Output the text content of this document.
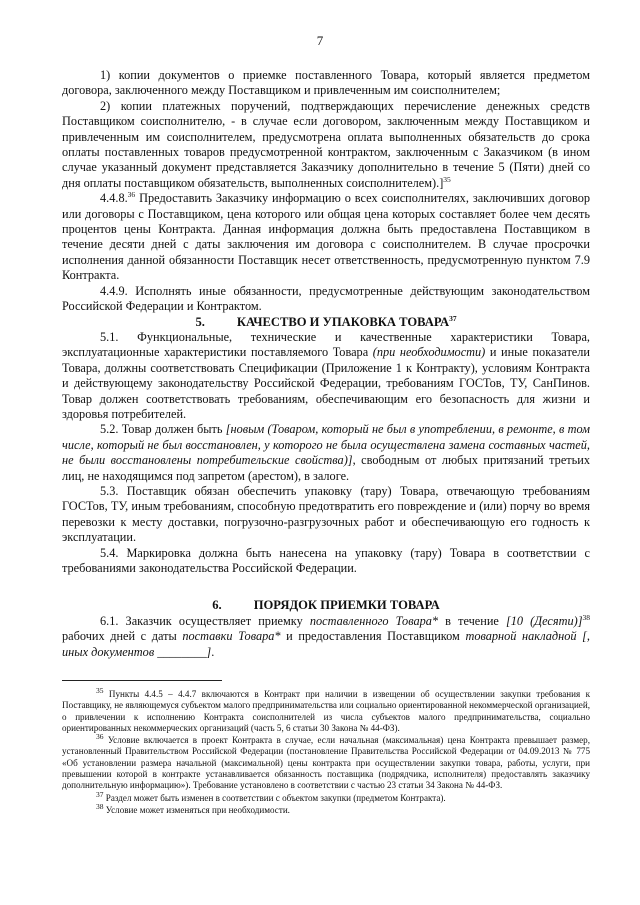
7

1) копии документов о приемке поставленного Товара, который является предметом договора, заключенного между Поставщиком и привлеченным им соисполнителем;

2) копии платежных поручений, подтверждающих перечисление денежных средств Поставщиком соисполнителю, - в случае если договором, заключенным между Поставщиком и привлеченным им соисполнителем, предусмотрена оплата выполненных обязательств до срока оплаты поставленных товаров предусмотренной контрактом, заключенным с Заказчиком (в ином случае указанный документ представляется Заказчику дополнительно в течение 5 (Пяти) дней со дня оплаты поставщиком обязательств, выполненных соисполнителем).]$^{35}$

4.4.8.36 Предоставить Заказчику информацию о всех соисполнителях, заключивших договор или договоры с Поставщиком, цена которого или общая цена которых составляет более чем десять процентов цены Контракта. Данная информация должна быть предоставлена Поставщиком в течение десяти дней с даты заключения им договора с соисполнителем. В случае просрочки исполнения данной обязанности Поставщик несет ответственность, предусмотренную пунктом 7.9 Контракта.

4.4.9. Исполнять иные обязанности, предусмотренные действующим законодательством Российской Федерации и Контрактом.

5.	КАЧЕСТВО И УПАКОВКА ТОВАРА$^{37}$

5.1. Функциональные, технические и качественные характеристики Товара, эксплуатационные характеристики поставляемого Товара (при необходимости) и иные показатели Товара, должны соответствовать Спецификации (Приложение 1 к Контракту), условиям Контракта и действующему законодательству Российской Федерации, требованиям ГОСТов, ТУ, СанПинов. Товар должен соответствовать требованиям, обеспечивающим его безопасность для жизни и здоровья потребителей.

5.2. Товар должен быть [новым (Товаром, который не был в употреблении, в ремонте, в том числе, который не был восстановлен, у которого не была осуществлена замена составных частей, не были восстановлены потребительские свойства)], свободным от любых притязаний третьих лиц, не находящимся под запретом (арестом), в залоге.

5.3. Поставщик обязан обеспечить упаковку (тару) Товара, отвечающую требованиям ГОСТов, ТУ, иным требованиям, способную предотвратить его повреждение и (или) порчу во время перевозки к месту доставки, погрузочно-разгрузочных работ и обеспечивающую его годность к эксплуатации.

5.4. Маркировка должна быть нанесена на упаковку (тару) Товара в соответствии с требованиями законодательства Российской Федерации.

6.	ПОРЯДОК ПРИЕМКИ ТОВАРА

6.1. Заказчик осуществляет приемку поставленного Товара* в течение [10 (Десяти)]$^{38}$ рабочих дней с даты поставки Товара* и предоставления Поставщиком товарной накладной [, иных документов ________].

$^{35}$ Пункты 4.4.5 – 4.4.7 включаются в Контракт при наличии в извещении об осуществлении закупки требования к Поставщику, не являющемуся субъектом малого предпринимательства или социально ориентированной некоммерческой организацией, о привлечении к исполнению Контракта соисполнителей из числа субъектов малого предпринимательства, социально ориентированных некоммерческих организаций (часть 5, 6 статьи 30 Закона № 44-ФЗ).

$^{36}$ Условие включается в проект Контракта в случае, если начальная (максимальная) цена Контракта превышает размер, установленный Правительством Российской Федерации (постановление Правительства Российской Федерации от 04.09.2013 № 775 «Об установлении размера начальной (максимальной) цены контракта при осуществлении закупки товара, работы, услуги, при превышении которой в контракте устанавливается обязанность поставщика (подрядчика, исполнителя) предоставлять заказчику дополнительную информацию»). Требование установлено в соответствии с частью 23 статьи 34 Закона № 44-ФЗ.

$^{37}$ Раздел может быть изменен в соответствии с объектом закупки (предметом Контракта).

$^{38}$ Условие может изменяться при необходимости.
